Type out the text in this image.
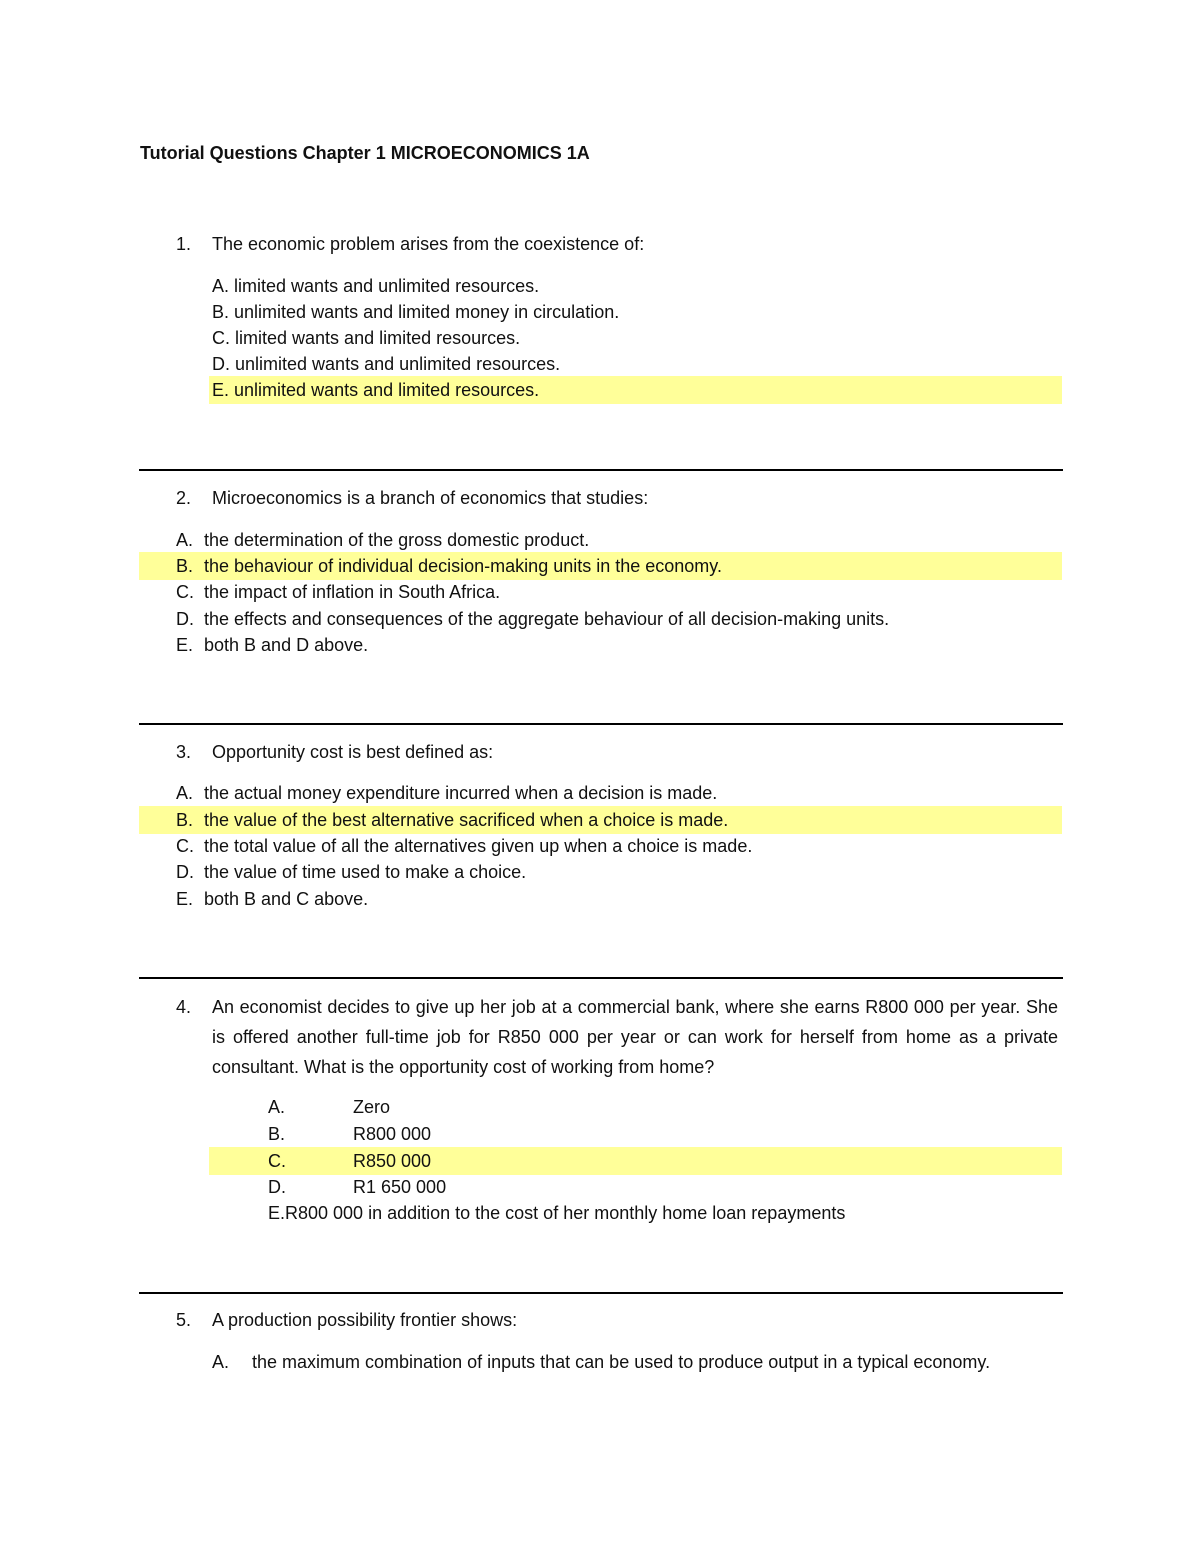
Tutorial Questions Chapter 1 MICROECONOMICS 1A
1. The economic problem arises from the coexistence of:
A. limited wants and unlimited resources.
B. unlimited wants and limited money in circulation.
C. limited wants and limited resources.
D. unlimited wants and unlimited resources.
E. unlimited wants and limited resources.
2. Microeconomics is a branch of economics that studies:
A. the determination of the gross domestic product.
B. the behaviour of individual decision-making units in the economy.
C. the impact of inflation in South Africa.
D. the effects and consequences of the aggregate behaviour of all decision-making units.
E. both B and D above.
3. Opportunity cost is best defined as:
A. the actual money expenditure incurred when a decision is made.
B. the value of the best alternative sacrificed when a choice is made.
C. the total value of all the alternatives given up when a choice is made.
D. the value of time used to make a choice.
E. both B and C above.
4. An economist decides to give up her job at a commercial bank, where she earns R800 000 per year. She is offered another full-time job for R850 000 per year or can work for herself from home as a private consultant. What is the opportunity cost of working from home?
A.	Zero
B.	R800 000
C.	R850 000
D.	R1 650 000
E.R800 000 in addition to the cost of her monthly home loan repayments
5. A production possibility frontier shows:
A. the maximum combination of inputs that can be used to produce output in a typical economy.
